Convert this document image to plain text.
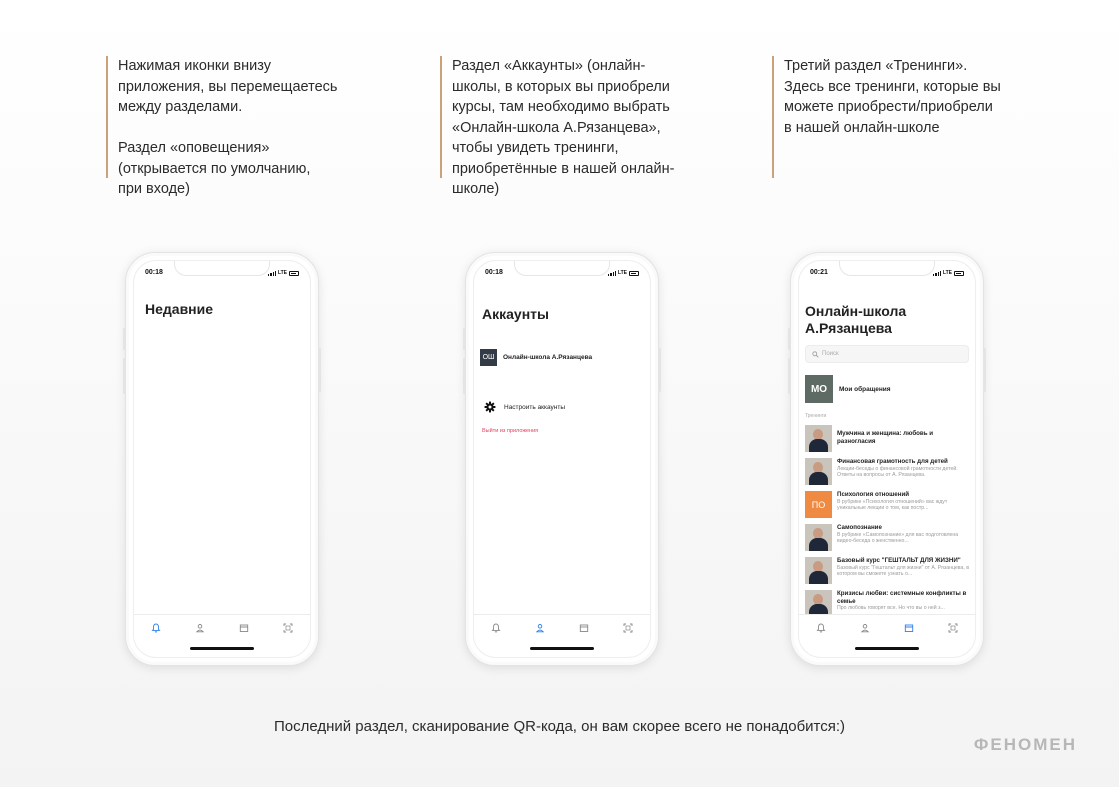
Нажимая иконки внизу
приложения, вы перемещаетесь
между разделами.

Раздел «оповещения»
(открывается по умолчанию,
при входе)
Раздел «Аккаунты» (онлайн-
школы, в которых вы приобрели
курсы, там необходимо выбрать
«Онлайн-школа А.Рязанцева»,
чтобы увидеть тренинги,
приобретённые в нашей онлайн-
школе)
Третий раздел «Тренинги».
Здесь все тренинги, которые вы
можете приобрести/приобрели
в нашей онлайн-школе
00:18	LTE
Недавние
00:18	LTE
Аккаунты
ОШ	Онлайн-школа А.Рязанцева
Настроить аккаунты
Выйти из приложения
00:21	LTE
Онлайн-школа
А.Рязанцева
Поиск
МО	Мои обращения
Тренинги
Мужчина и женщина: любовь и разногласия
Финансовая грамотность для детей
Лекции-беседы о финансовой грамотности детей. Ответы на вопросы от А. Рязанцева.
ПО
Психология отношений
В рубрике «Психология отношений» вас ждут уникальные лекции о том, как постр...
Самопознание
В рубрике «Самопознание» для вас подготовлена видео-беседа о женственно...
Базовый курс "ГЕШТАЛЬТ ДЛЯ ЖИЗНИ"
Базовый курс "Гештальт для жизни" от А. Рязанцева, в котором вы сможете узнать о...
Кризисы любви: системные конфликты в семье
Про любовь говорят все. Но что вы о ней з...
Последний раздел, сканирование QR-кода, он вам скорее всего не понадобится:)
ФЕНОМЕН
